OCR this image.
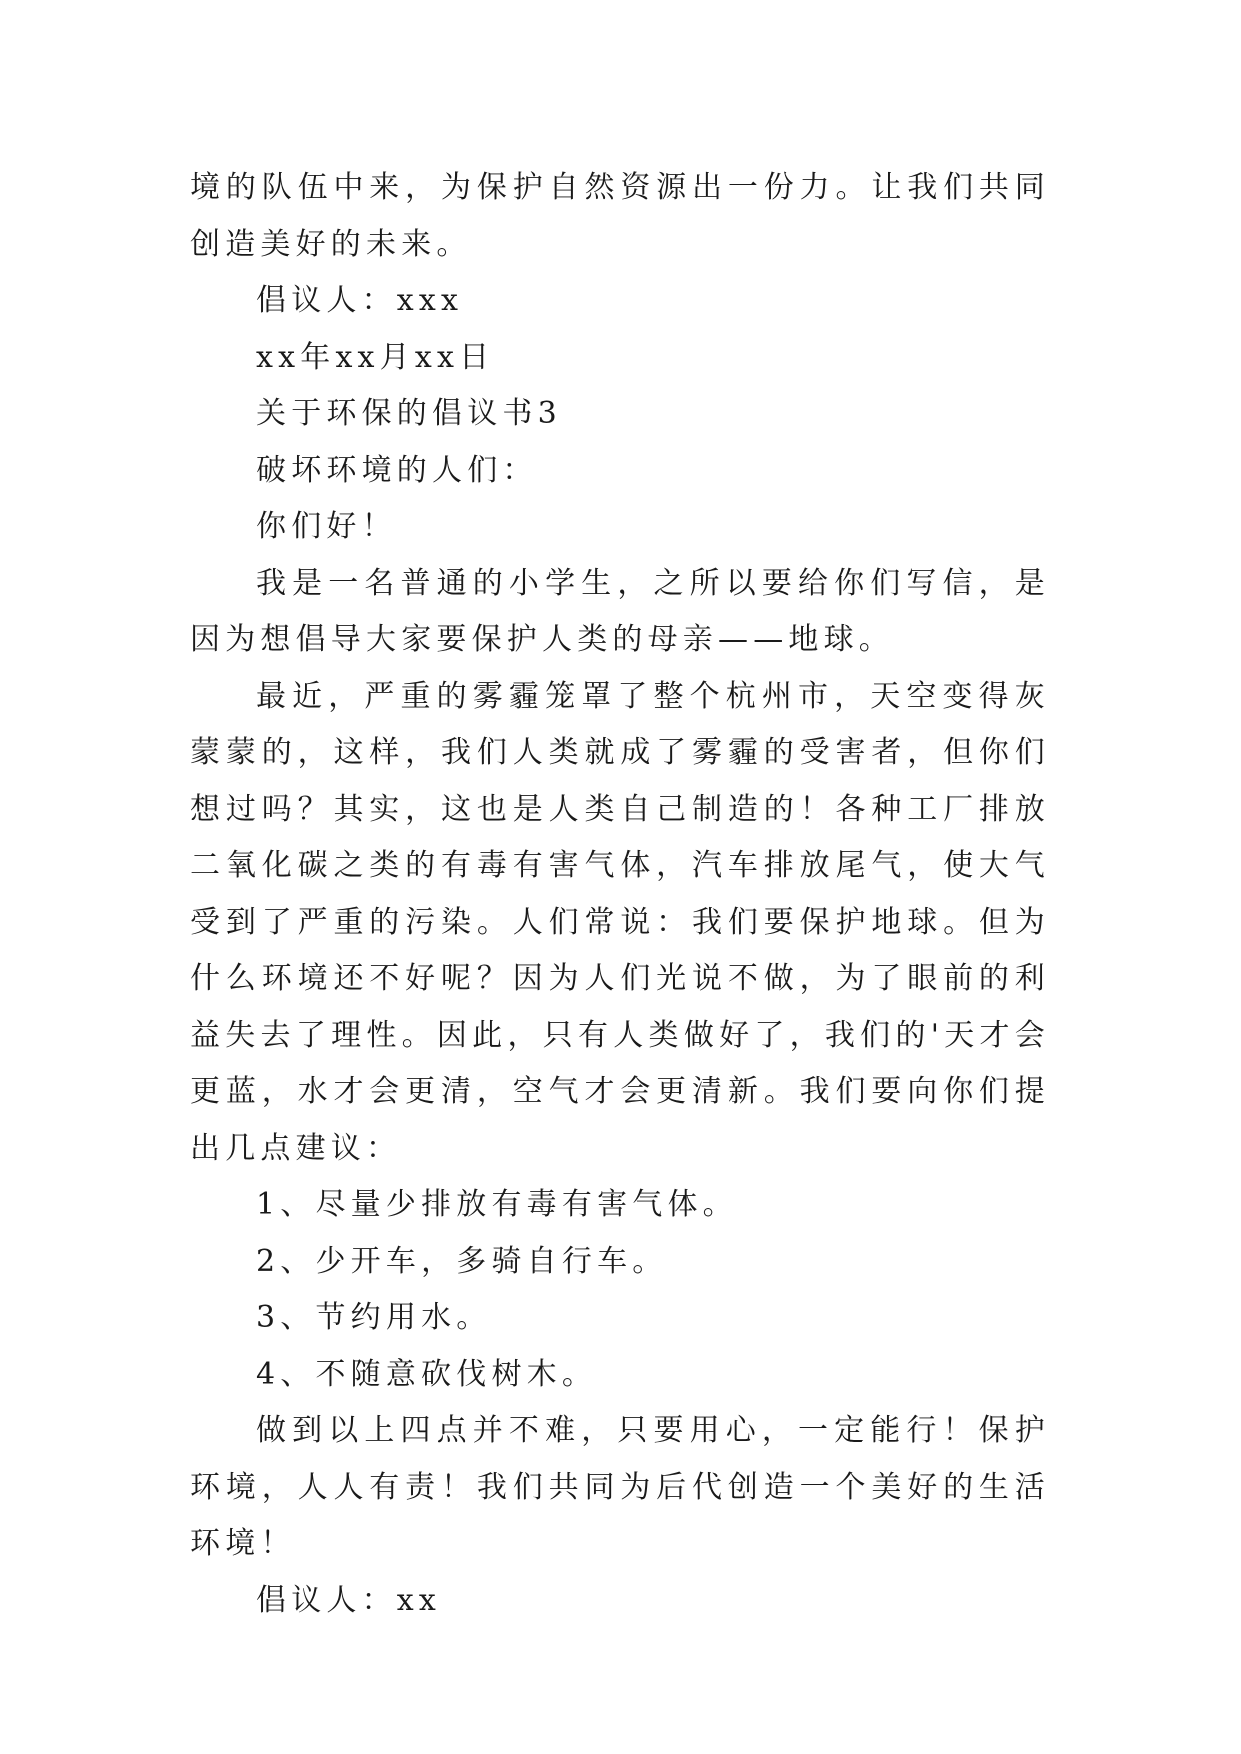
境的队伍中来，为保护自然资源出一份力。让我们共同创造美好的未来。

倡议人：xxx

xx年xx月xx日

关于环保的倡议书3

破坏环境的人们：

你们好！

我是一名普通的小学生，之所以要给你们写信，是因为想倡导大家要保护人类的母亲——地球。

最近，严重的雾霾笼罩了整个杭州市，天空变得灰蒙蒙的，这样，我们人类就成了雾霾的受害者，但你们想过吗？其实，这也是人类自己制造的！各种工厂排放二氧化碳之类的有毒有害气体，汽车排放尾气，使大气受到了严重的污染。人们常说：我们要保护地球。但为什么环境还不好呢？因为人们光说不做，为了眼前的利益失去了理性。因此，只有人类做好了，我们的'天才会更蓝，水才会更清，空气才会更清新。我们要向你们提出几点建议：

1、尽量少排放有毒有害气体。

2、少开车，多骑自行车。

3、节约用水。

4、不随意砍伐树木。

做到以上四点并不难，只要用心，一定能行！保护环境，人人有责！我们共同为后代创造一个美好的生活环境！

倡议人：xx
